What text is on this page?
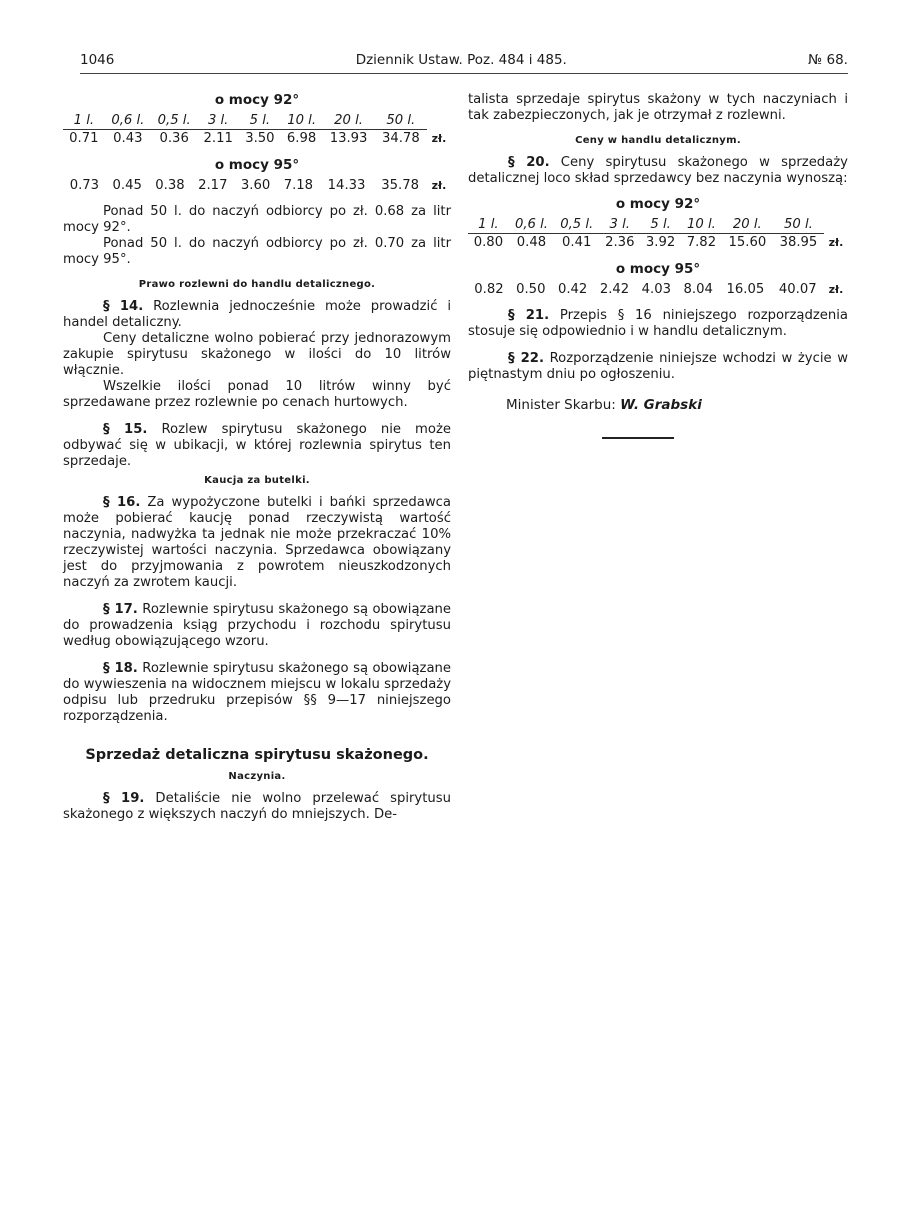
1046	Dziennik Ustaw. Poz. 484 i 485.	№ 68.
o mocy 92°
1 l.	0,6 l.	0,5 l.	3 l.	5 l.	10 l.	20 l.	50 l.	
0.71	0.43	0.36	2.11	3.50	6.98	13.93	34.78	zł.
o mocy 95°
0.73	0.45	0.38	2.17	3.60	7.18	14.33	35.78	zł.

Ponad 50 l. do naczyń odbiorcy po zł. 0.68 za litr mocy 92°.

Ponad 50 l. do naczyń odbiorcy po zł. 0.70 za litr mocy 95°.

Prawo rozlewni do handlu detalicznego.

§ 14. Rozlewnia jednocześnie może prowadzić i handel detaliczny.

Ceny detaliczne wolno pobierać przy jednorazowym zakupie spirytusu skażonego w ilości do 10 litrów włącznie.

Wszelkie ilości ponad 10 litrów winny być sprzedawane przez rozlewnie po cenach hurtowych.

§ 15. Rozlew spirytusu skażonego nie może odbywać się w ubikacji, w której rozlewnia spirytus ten sprzedaje.

Kaucja za butelki.

§ 16. Za wypożyczone butelki i bańki sprzedawca może pobierać kaucję ponad rzeczywistą wartość naczynia, nadwyżka ta jednak nie może przekraczać 10% rzeczywistej wartości naczynia. Sprzedawca obowiązany jest do przyjmowania z powrotem nieuszkodzonych naczyń za zwrotem kaucji.

§ 17. Rozlewnie spirytusu skażonego są obowiązane do prowadzenia ksiąg przychodu i rozchodu spirytusu według obowiązującego wzoru.

§ 18. Rozlewnie spirytusu skażonego są obowiązane do wywieszenia na widocznem miejscu w lokalu sprzedaży odpisu lub przedruku przepisów §§ 9—17 niniejszego rozporządzenia.

Sprzedaż detaliczna spirytusu skażonego.
Naczynia.

§ 19. Detaliście nie wolno przelewać spirytusu skażonego z większych naczyń do mniejszych. De-

talista sprzedaje spirytus skażony w tych naczyniach i tak zabezpieczonych, jak je otrzymał z rozlewni.

Ceny w handlu detalicznym.

§ 20. Ceny spirytusu skażonego w sprzedaży detalicznej loco skład sprzedawcy bez naczynia wynoszą:

o mocy 92°
1 l.	0,6 l.	0,5 l.	3 l.	5 l.	10 l.	20 l.	50 l.	
0.80	0.48	0.41	2.36	3.92	7.82	15.60	38.95	zł.
o mocy 95°
0.82	0.50	0.42	2.42	4.03	8.04	16.05	40.07	zł.

§ 21. Przepis § 16 niniejszego rozporządzenia stosuje się odpowiednio i w handlu detalicznym.

§ 22. Rozporządzenie niniejsze wchodzi w życie w piętnastym dniu po ogłoszeniu.

Minister Skarbu: W. Grabski
